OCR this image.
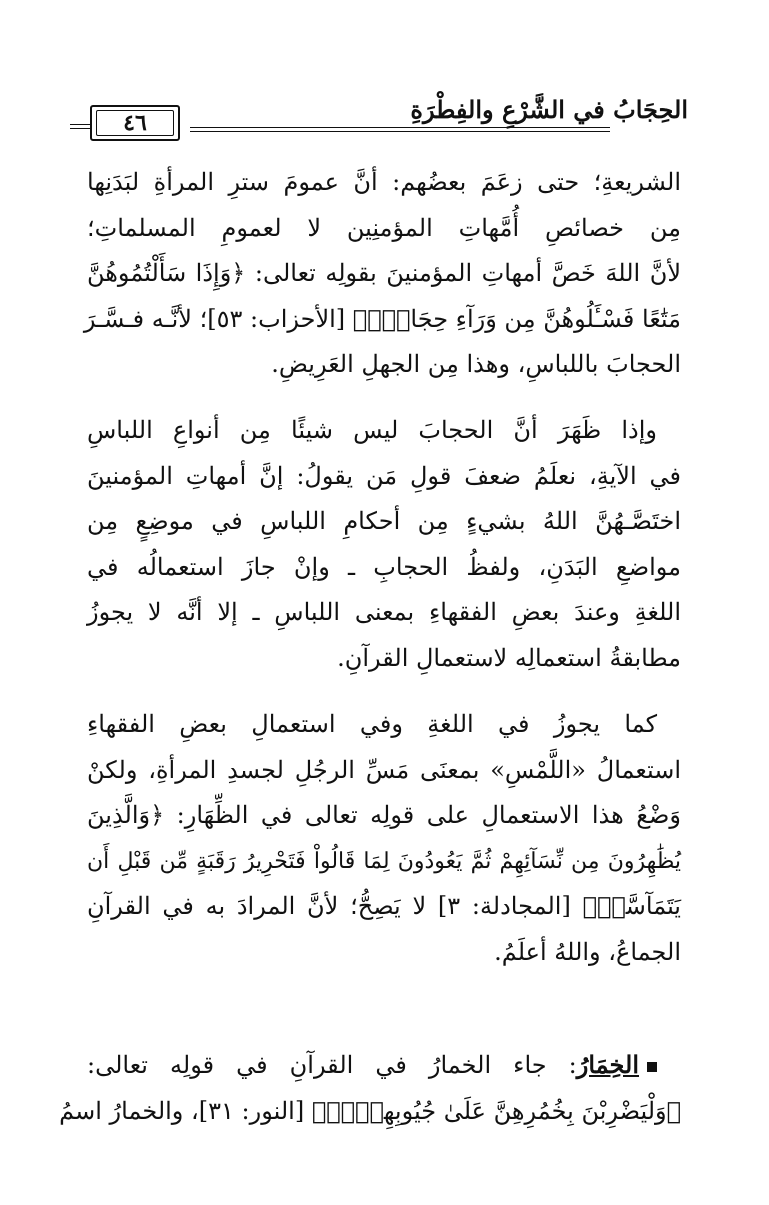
الحِجَابُ في الشَّرْعِ والفِطْرَةِ
٤٦
الشريعةِ؛ حتى زعَمَ بعضُهم: أنَّ عمومَ سترِ المرأةِ لبَدَنِها
مِن خصائصِ أُمَّهاتِ المؤمنِين لا لعمومِ المسلماتِ؛
لأنَّ اللهَ خَصَّ أمهاتِ المؤمنينَ بقولِه تعالى: ﴿وَإِذَا سَأَلْتُمُوهُنَّ
مَتَٰعًا فَسْـَٔلُوهُنَّ مِن وَرَآءِ حِجَابٍۚ﴾ [الأحزاب: ٥٣]؛ لأنَّـه فـسَّـرَ
الحجابَ باللباسِ، وهذا مِن الجهلِ العَرِيضِ.
وإذا ظَهَرَ أنَّ الحجابَ ليس شيئًا مِن أنواعِ اللباسِ
في الآيةِ، نعلَمُ ضعفَ قولِ مَن يقولُ: إنَّ أمهاتِ المؤمنينَ
اختَصَّـهُنَّ اللهُ بشيءٍ مِن أحكامِ اللباسِ في موضِعٍ مِن
مواضعِ البَدَنِ، ولفظُ الحجابِ ـ وإنْ جازَ استعمالُه في
اللغةِ وعندَ بعضِ الفقهاءِ بمعنى اللباسِ ـ إلا أنَّه لا يجوزُ
مطابقةُ استعمالِه لاستعمالِ القرآنِ.
كما يجوزُ في اللغةِ وفي استعمالِ بعضِ الفقهاءِ
استعمالُ «اللَّمْسِ» بمعنَى مَسِّ الرجُلِ لجسدِ المرأةِ، ولكنْ
وَضْعُ هذا الاستعمالِ على قولِه تعالى في الظِّهَارِ: ﴿وَالَّذِينَ
يُظَٰهِرُونَ مِن نِّسَآئِهِمْ ثُمَّ يَعُودُونَ لِمَا قَالُواْ فَتَحْرِيرُ رَقَبَةٍ مِّن قَبْلِ أَن
يَتَمَآسَّاۚ﴾ [المجادلة: ٣] لا يَصِحُّ؛ لأنَّ المرادَ به في القرآنِ
الجماعُ، واللهُ أعلَمُ.
الخِمَارُ: جاء الخمارُ في القرآنِ في قولِه تعالى:
﴿وَلْيَضْرِبْنَ بِخُمُرِهِنَّ عَلَىٰ جُيُوبِهِنَّۖ﴾ [النور: ٣١]، والخمارُ اسمُ
